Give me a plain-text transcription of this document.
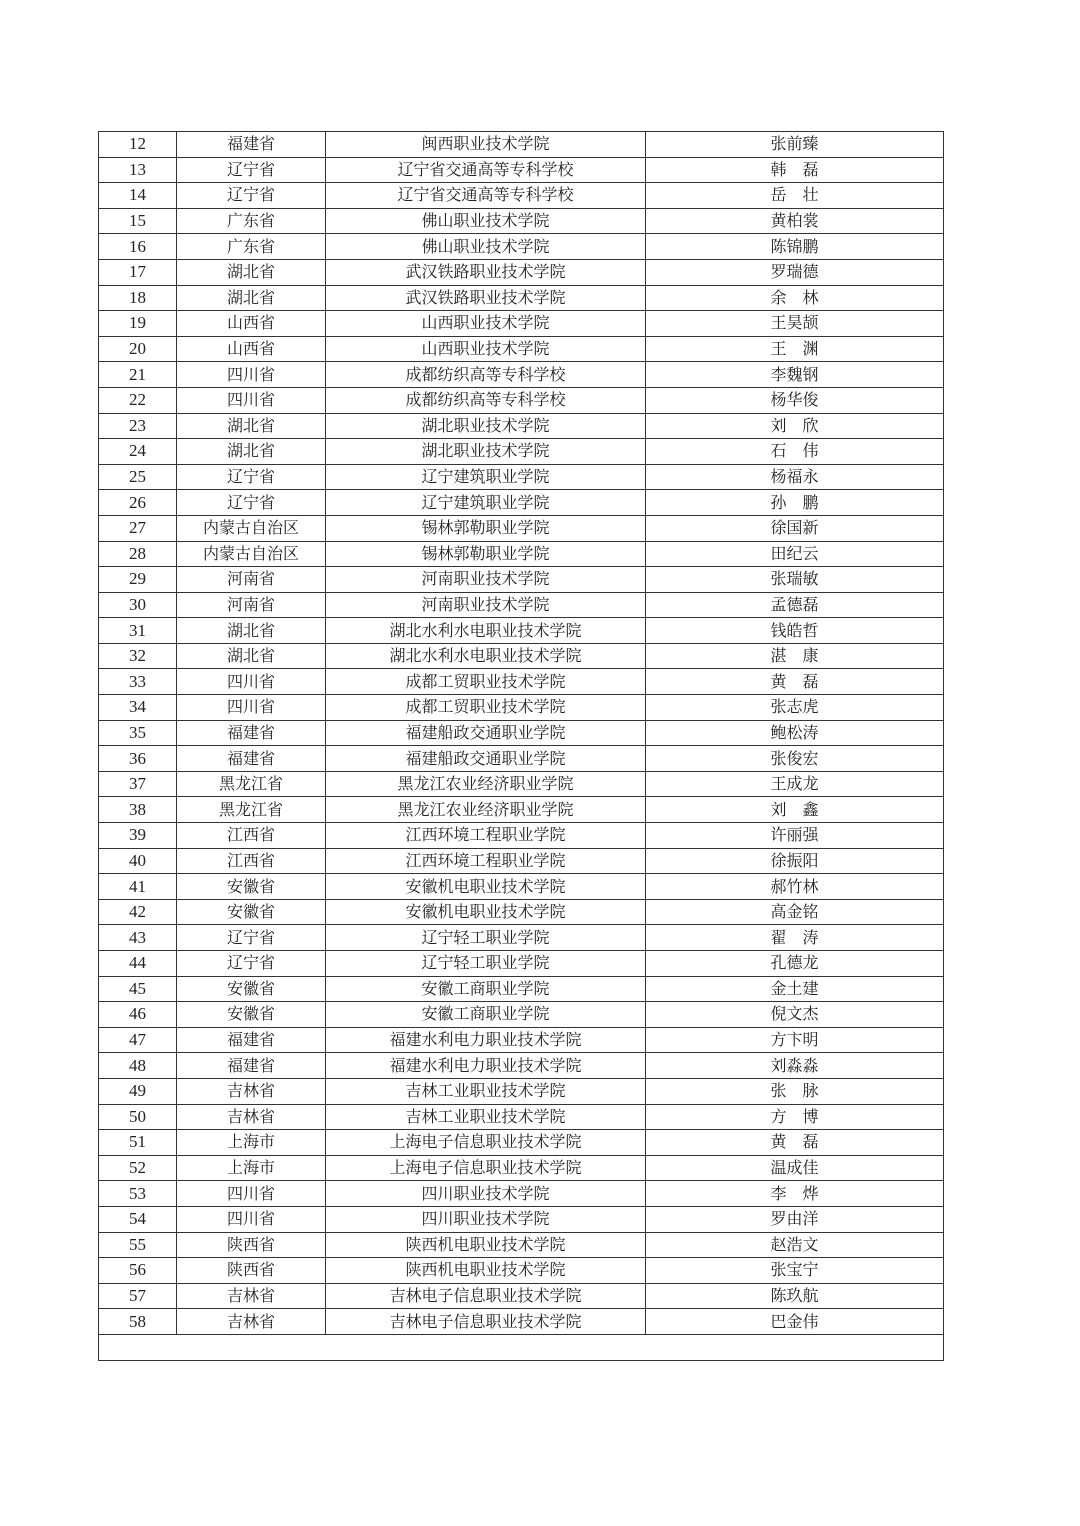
12	福建省	闽西职业技术学院	张前臻
13	辽宁省	辽宁省交通高等专科学校	韩　磊
14	辽宁省	辽宁省交通高等专科学校	岳　壮
15	广东省	佛山职业技术学院	黄柏裳
16	广东省	佛山职业技术学院	陈锦鹏
17	湖北省	武汉铁路职业技术学院	罗瑞德
18	湖北省	武汉铁路职业技术学院	余　林
19	山西省	山西职业技术学院	王昊颉
20	山西省	山西职业技术学院	王　渊
21	四川省	成都纺织高等专科学校	李魏钢
22	四川省	成都纺织高等专科学校	杨华俊
23	湖北省	湖北职业技术学院	刘　欣
24	湖北省	湖北职业技术学院	石　伟
25	辽宁省	辽宁建筑职业学院	杨福永
26	辽宁省	辽宁建筑职业学院	孙　鹏
27	内蒙古自治区	锡林郭勒职业学院	徐国新
28	内蒙古自治区	锡林郭勒职业学院	田纪云
29	河南省	河南职业技术学院	张瑞敏
30	河南省	河南职业技术学院	孟德磊
31	湖北省	湖北水利水电职业技术学院	钱皓哲
32	湖北省	湖北水利水电职业技术学院	湛　康
33	四川省	成都工贸职业技术学院	黄　磊
34	四川省	成都工贸职业技术学院	张志虎
35	福建省	福建船政交通职业学院	鲍松涛
36	福建省	福建船政交通职业学院	张俊宏
37	黑龙江省	黑龙江农业经济职业学院	王成龙
38	黑龙江省	黑龙江农业经济职业学院	刘　鑫
39	江西省	江西环境工程职业学院	许丽强
40	江西省	江西环境工程职业学院	徐振阳
41	安徽省	安徽机电职业技术学院	郝竹林
42	安徽省	安徽机电职业技术学院	高金铭
43	辽宁省	辽宁轻工职业学院	翟　涛
44	辽宁省	辽宁轻工职业学院	孔德龙
45	安徽省	安徽工商职业学院	金土建
46	安徽省	安徽工商职业学院	倪文杰
47	福建省	福建水利电力职业技术学院	方卞明
48	福建省	福建水利电力职业技术学院	刘淼淼
49	吉林省	吉林工业职业技术学院	张　脉
50	吉林省	吉林工业职业技术学院	方　博
51	上海市	上海电子信息职业技术学院	黄　磊
52	上海市	上海电子信息职业技术学院	温成佳
53	四川省	四川职业技术学院	李　烨
54	四川省	四川职业技术学院	罗由洋
55	陕西省	陕西机电职业技术学院	赵浩文
56	陕西省	陕西机电职业技术学院	张宝宁
57	吉林省	吉林电子信息职业技术学院	陈玖航
58	吉林省	吉林电子信息职业技术学院	巴金伟
